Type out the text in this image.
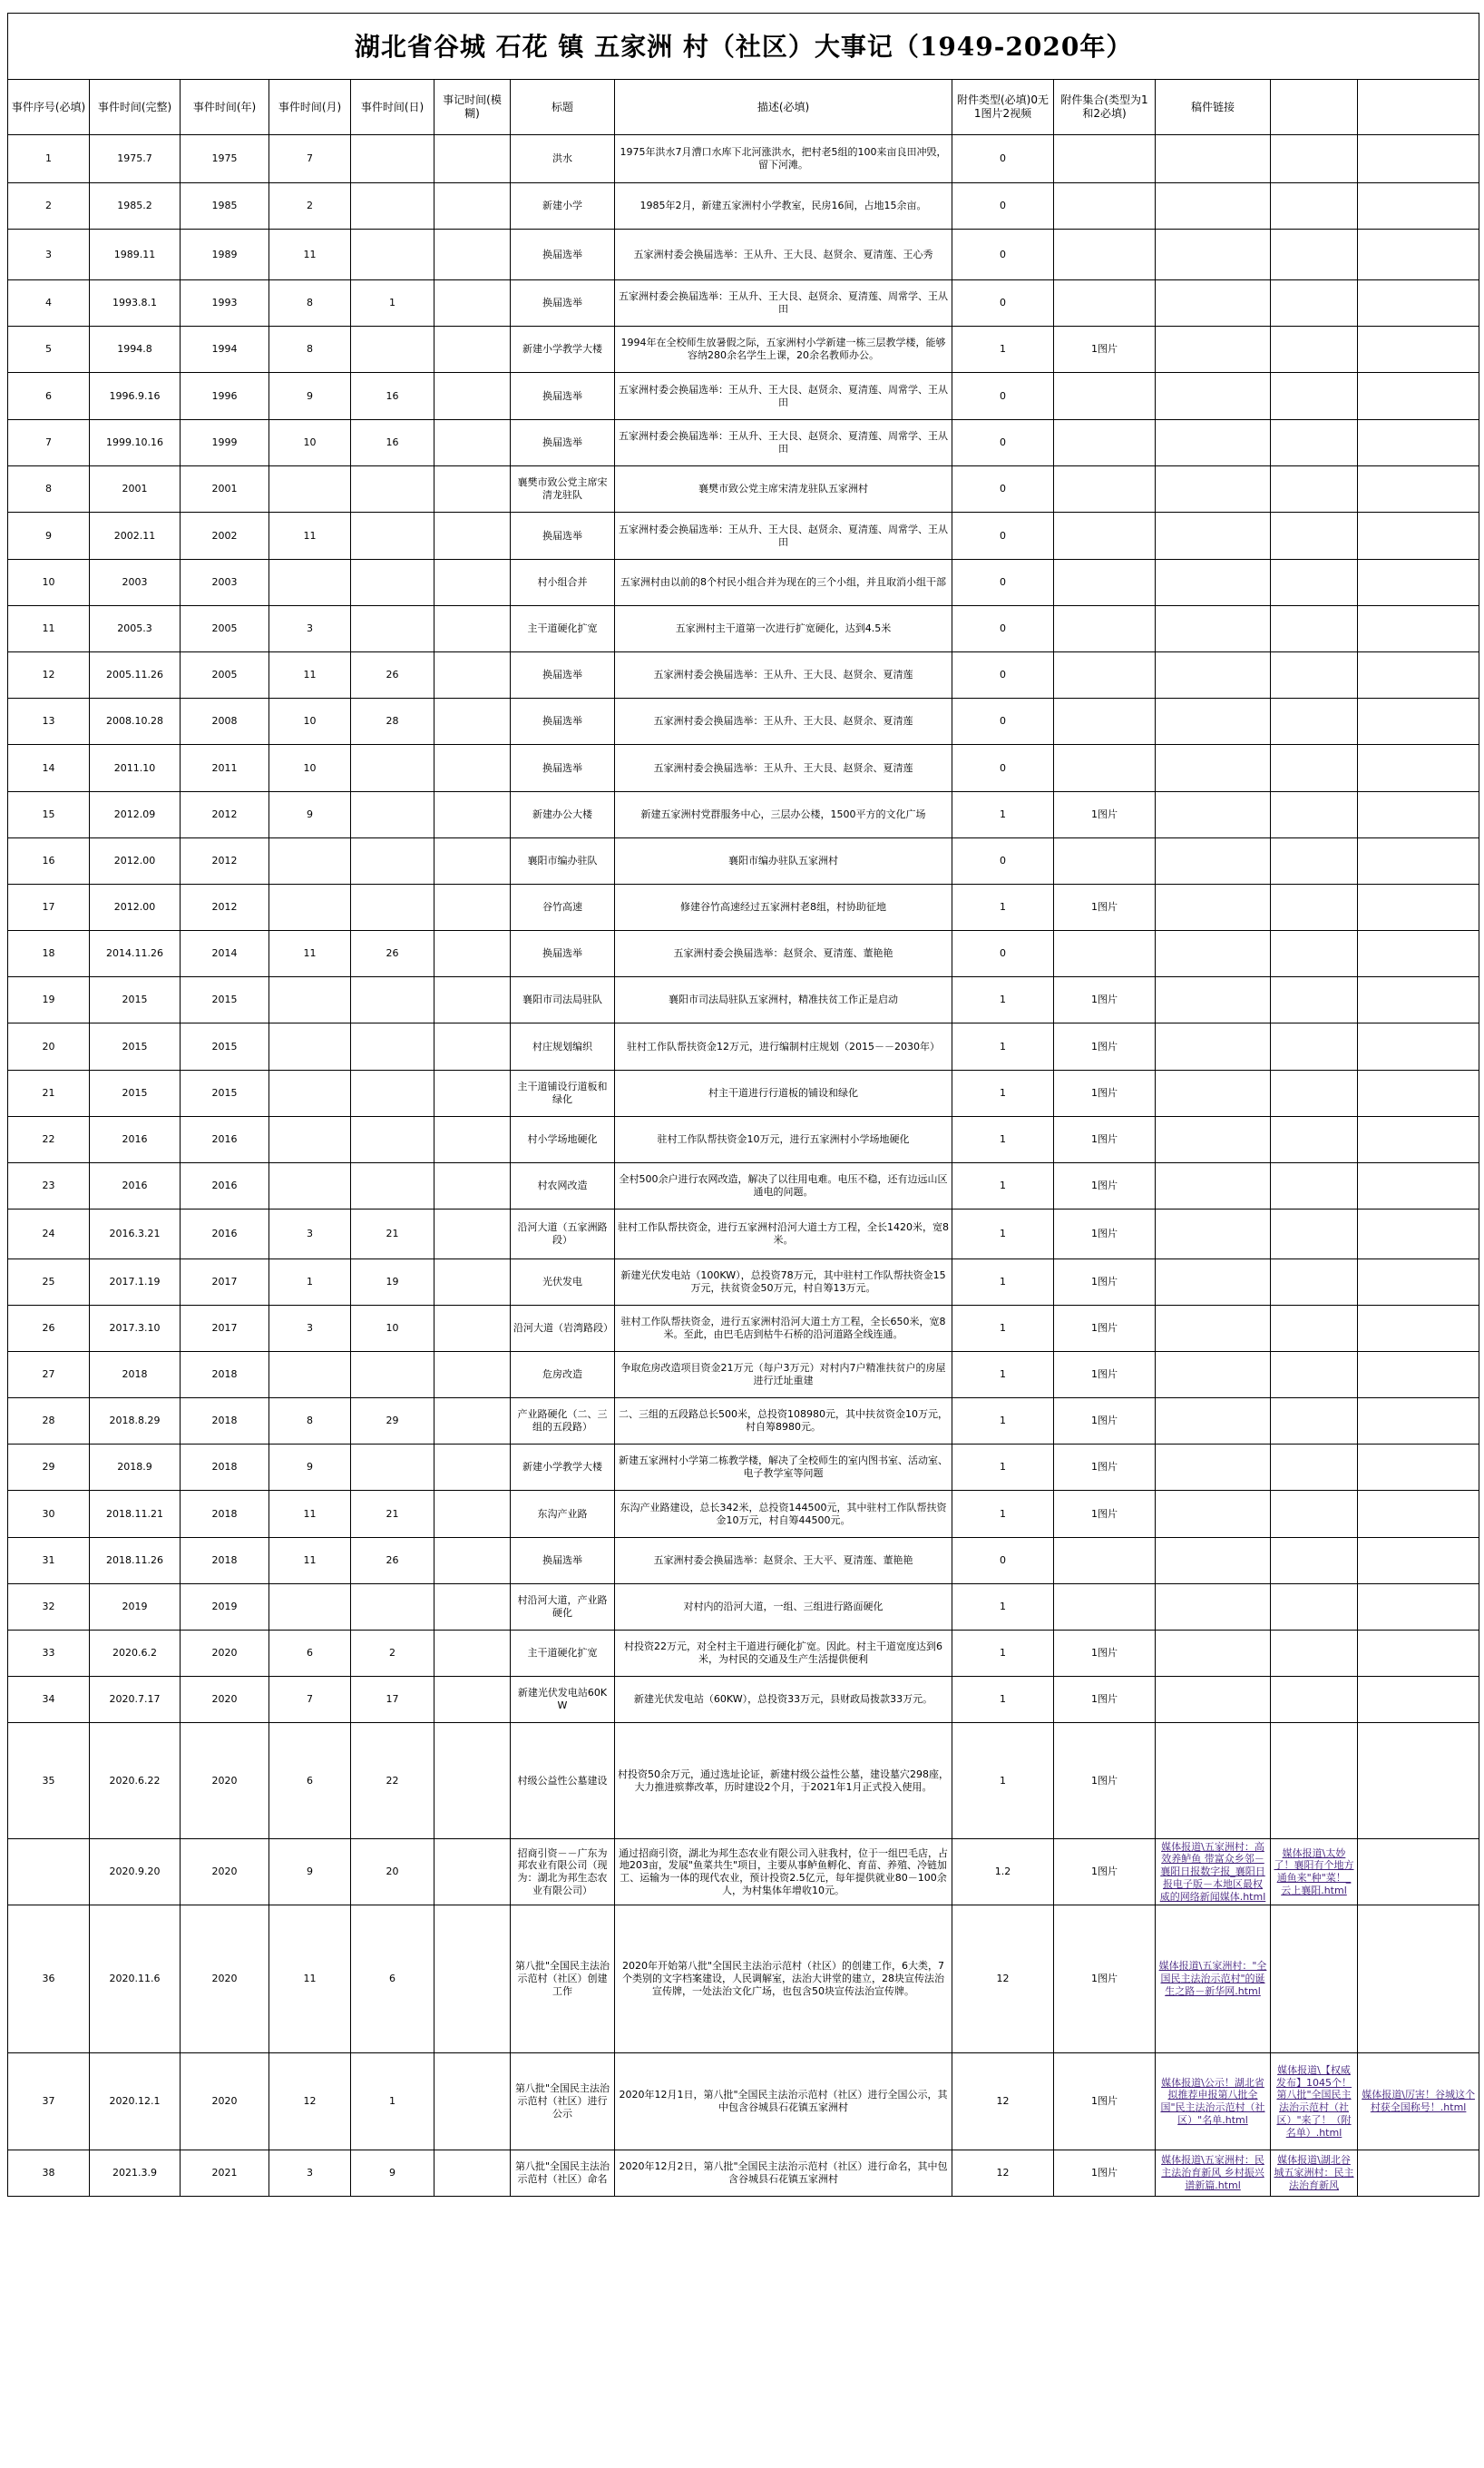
湖北省谷城 石花 镇 五家洲 村（社区）大事记（1949-2020年）												
事件序号(必填)	事件时间(完整)	事件时间(年)	事件时间(月)	事件时间(日)	事记时间(模糊)	标题	描述(必填)	附件类型(必填)0无1图片2视频	附件集合(类型为1和2必填)	稿件链接		
1	1975.7	1975	7			洪水	1975年洪水7月漕口水库下北河涨洪水，把村老5组的100来亩良田冲毁，留下河滩。	0				
2	1985.2	1985	2			新建小学	1985年2月，新建五家洲村小学教室，民房16间，占地15余亩。	0				
3	1989.11	1989	11			换届选举	五家洲村委会换届选举：王从升、王大艮、赵贤余、夏清莲、王心秀	0				
4	1993.8.1	1993	8	1		换届选举	五家洲村委会换届选举：王从升、王大艮、赵贤余、夏清莲、周常学、王从田	0				
5	1994.8	1994	8			新建小学教学大楼	1994年在全校师生放暑假之际，五家洲村小学新建一栋三层教学楼，能够容纳280余名学生上课，20余名教师办公。	1	1图片			
6	1996.9.16	1996	9	16		换届选举	五家洲村委会换届选举：王从升、王大艮、赵贤余、夏清莲、周常学、王从田	0				
7	1999.10.16	1999	10	16		换届选举	五家洲村委会换届选举：王从升、王大艮、赵贤余、夏清莲、周常学、王从田	0				
8	2001	2001				襄樊市致公党主席宋清龙驻队	襄樊市致公党主席宋清龙驻队五家洲村	0				
9	2002.11	2002	11			换届选举	五家洲村委会换届选举：王从升、王大艮、赵贤余、夏清莲、周常学、王从田	0				
10	2003	2003				村小组合并	五家洲村由以前的8个村民小组合并为现在的三个小组，并且取消小组干部	0				
11	2005.3	2005	3			主干道硬化扩宽	五家洲村主干道第一次进行扩宽硬化，达到4.5米	0				
12	2005.11.26	2005	11	26		换届选举	五家洲村委会换届选举：王从升、王大艮、赵贤余、夏清莲	0				
13	2008.10.28	2008	10	28		换届选举	五家洲村委会换届选举：王从升、王大艮、赵贤余、夏清莲	0				
14	2011.10	2011	10			换届选举	五家洲村委会换届选举：王从升、王大艮、赵贤余、夏清莲	0				
15	2012.09	2012	9			新建办公大楼	新建五家洲村党群服务中心，三层办公楼，1500平方的文化广场	1	1图片			
16	2012.00	2012				襄阳市编办驻队	襄阳市编办驻队五家洲村	0				
17	2012.00	2012				谷竹高速	修建谷竹高速经过五家洲村老8组，村协助征地	1	1图片			
18	2014.11.26	2014	11	26		换届选举	五家洲村委会换届选举：赵贤余、夏清莲、董艳艳	0				
19	2015	2015				襄阳市司法局驻队	襄阳市司法局驻队五家洲村，精准扶贫工作正是启动	1	1图片			
20	2015	2015				村庄规划编织	驻村工作队帮扶资金12万元，进行编制村庄规划（2015－－2030年）	1	1图片			
21	2015	2015				主干道铺设行道板和绿化	村主干道进行行道板的铺设和绿化	1	1图片			
22	2016	2016				村小学场地硬化	驻村工作队帮扶资金10万元，进行五家洲村小学场地硬化	1	1图片			
23	2016	2016				村农网改造	全村500余户进行农网改造，解决了以往用电难。电压不稳，还有边远山区通电的问题。	1	1图片			
24	2016.3.21	2016	3	21		沿河大道（五家洲路段）	驻村工作队帮扶资金，进行五家洲村沿河大道土方工程，全长1420米，宽8米。	1	1图片			
25	2017.1.19	2017	1	19		光伏发电	新建光伏发电站（100KW），总投资78万元，其中驻村工作队帮扶资金15万元，扶贫资金50万元，村自筹13万元。	1	1图片			
26	2017.3.10	2017	3	10		沿河大道（岩湾路段）	驻村工作队帮扶资金，进行五家洲村沿河大道土方工程，全长650米，宽8米。至此，由巴毛店到枯牛石桥的沿河道路全线连通。	1	1图片			
27	2018	2018				危房改造	争取危房改造项目资金21万元（每户3万元）对村内7户精准扶贫户的房屋进行迁址重建	1	1图片			
28	2018.8.29	2018	8	29		产业路硬化（二、三组的五段路）	二、三组的五段路总长500米，总投资108980元，其中扶贫资金10万元，村自筹8980元。	1	1图片			
29	2018.9	2018	9			新建小学教学大楼	新建五家洲村小学第二栋教学楼，解决了全校师生的室内图书室、活动室、电子教学室等问题	1	1图片			
30	2018.11.21	2018	11	21		东沟产业路	东沟产业路建设，总长342米，总投资144500元，其中驻村工作队帮扶资金10万元，村自筹44500元。	1	1图片			
31	2018.11.26	2018	11	26		换届选举	五家洲村委会换届选举：赵贤余、王大平、夏清莲、董艳艳	0				
32	2019	2019				村沿河大道，产业路硬化	对村内的沿河大道，一组、三组进行路面硬化	1				
33	2020.6.2	2020	6	2		主干道硬化扩宽	村投资22万元，对全村主干道进行硬化扩宽。因此。村主干道宽度达到6米，为村民的交通及生产生活提供便利	1	1图片			
34	2020.7.17	2020	7	17		新建光伏发电站60KW	新建光伏发电站（60KW），总投资33万元，县财政局拨款33万元。	1	1图片			
35	2020.6.22	2020	6	22		村级公益性公墓建设	村投资50余万元，通过选址论证，新建村级公益性公墓，建设墓穴298座，大力推进殡葬改革，历时建设2个月，于2021年1月正式投入使用。	1	1图片			
	2020.9.20	2020	9	20		招商引资－－广东为邦农业有限公司（现为：湖北为邦生态农业有限公司）	通过招商引资，湖北为邦生态农业有限公司入驻我村，位于一组巴毛店，占地203亩，发展"鱼菜共生"项目，主要从事鲈鱼孵化、育苗、养殖、冷链加工、运输为一体的现代农业，预计投资2.5亿元，每年提供就业80－100余人，为村集体年增收10元。	1.2	1图片	媒体报道\五家洲村：高效养鲈鱼 带富众乡邻－襄阳日报数字报_襄阳日报电子版－本地区最权威的网络新闻媒体.html	媒体报道\太妙了！襄阳有个地方通鱼来"种"菜！_云上襄阳.html	
36	2020.11.6	2020	11	6		第八批"全国民主法治示范村（社区）创建工作	2020年开始第八批"全国民主法治示范村（社区）的创建工作，6大类，7个类别的文字档案建设，人民调解室，法治大讲堂的建立，28块宣传法治宣传牌，一处法治文化广场，也包含50块宣传法治宣传牌。	12	1图片	媒体报道\五家洲村："全国民主法治示范村"的诞生之路－新华网.html		
37	2020.12.1	2020	12	1		第八批"全国民主法治示范村（社区）进行公示	2020年12月1日，第八批"全国民主法治示范村（社区）进行全国公示，其中包含谷城县石花镇五家洲村	12	1图片	媒体报道\公示！湖北省拟推荐申报第八批全国"民主法治示范村（社区）"名单.html	媒体报道\【权威发布】1045个！第八批"全国民主法治示范村（社区）"来了！（附名单）.html	媒体报道\厉害！谷城这个村获全国称号！.html
38	2021.3.9	2021	3	9		第八批"全国民主法治示范村（社区）命名	2020年12月2日，第八批"全国民主法治示范村（社区）进行命名，其中包含谷城县石花镇五家洲村	12	1图片	媒体报道\五家洲村：民主法治育新风 乡村振兴谱新篇.html	媒体报道\湖北谷城五家洲村：民主法治育新风	
